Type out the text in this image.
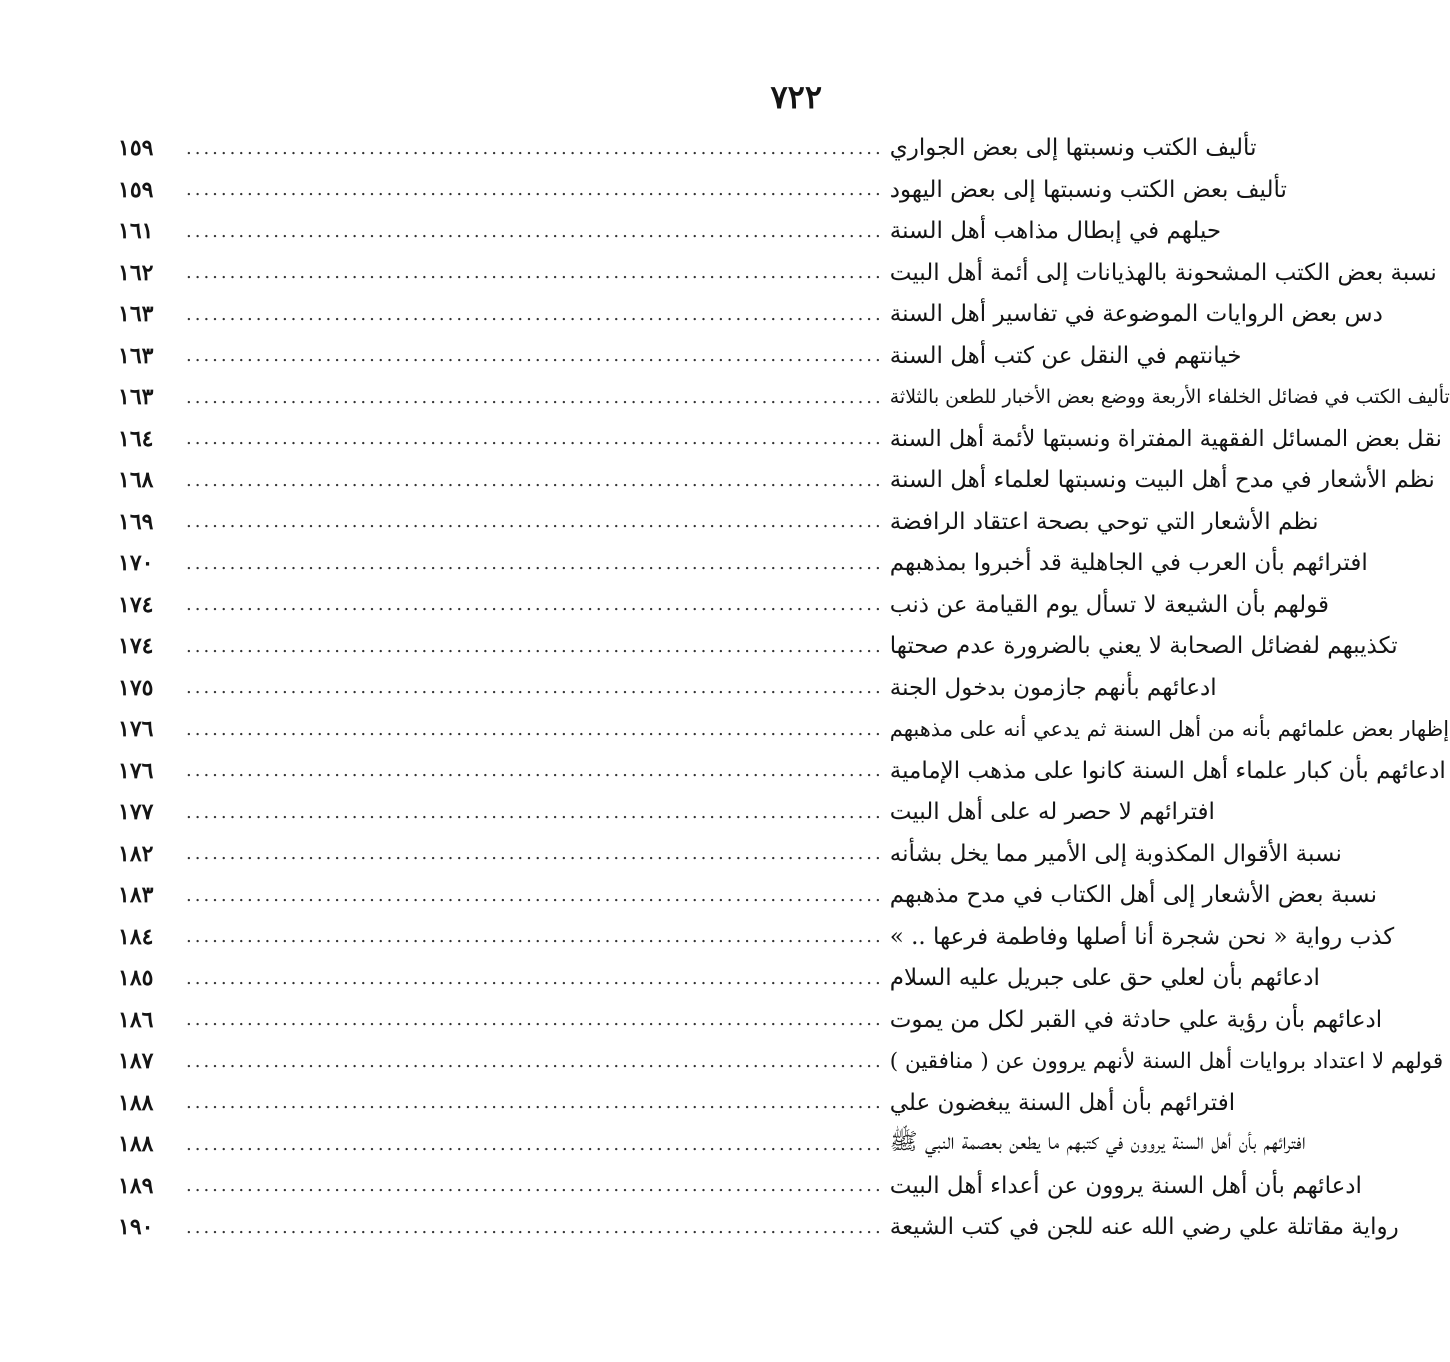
٧٢٢
١٥٩	................................................................................ تأليف الكتب ونسبتها إلى بعض الجواري
١٥٩	................................................................................ تأليف بعض الكتب ونسبتها إلى بعض اليهود
١٦١	................................................................................ حيلهم في إبطال مذاهب أهل السنة
١٦٢	................................................................................ نسبة بعض الكتب المشحونة بالهذيانات إلى أئمة أهل البيت
١٦٣	................................................................................ دس بعض الروايات الموضوعة في تفاسير أهل السنة
١٦٣	................................................................................ خيانتهم في النقل عن كتب أهل السنة
١٦٣	................................................................................ تأليف الكتب في فضائل الخلفاء الأربعة ووضع بعض الأخبار للطعن بالثلاثة
١٦٤	................................................................................ نقل بعض المسائل الفقهية المفتراة ونسبتها لأئمة أهل السنة
١٦٨	................................................................................ نظم الأشعار في مدح أهل البيت ونسبتها لعلماء أهل السنة
١٦٩	................................................................................ نظم الأشعار التي توحي بصحة اعتقاد الرافضة
١٧٠	................................................................................ افترائهم بأن العرب في الجاهلية قد أخبروا بمذهبهم
١٧٤	................................................................................ قولهم بأن الشيعة لا تسأل يوم القيامة عن ذنب
١٧٤	................................................................................ تكذيبهم لفضائل الصحابة لا يعني بالضرورة عدم صحتها
١٧٥	................................................................................ ادعائهم بأنهم جازمون بدخول الجنة
١٧٦	................................................................................ إظهار بعض علمائهم بأنه من أهل السنة ثم يدعي أنه على مذهبهم
١٧٦	................................................................................ ادعائهم بأن كبار علماء أهل السنة كانوا على مذهب الإمامية
١٧٧	................................................................................ افترائهم لا حصر له على أهل البيت
١٨٢	................................................................................ نسبة الأقوال المكذوبة إلى الأمير مما يخل بشأنه
١٨٣	................................................................................ نسبة بعض الأشعار إلى أهل الكتاب في مدح مذهبهم
١٨٤	................................................................................ كذب رواية « نحن شجرة أنا أصلها وفاطمة فرعها .. »
١٨٥	................................................................................ ادعائهم بأن لعلي حق على جبريل عليه السلام
١٨٦	................................................................................ ادعائهم بأن رؤية علي حادثة في القبر لكل من يموت
١٨٧	................................................................................ قولهم لا اعتداد بروايات أهل السنة لأنهم يروون عن ( منافقين )
١٨٨	................................................................................ افترائهم بأن أهل السنة يبغضون علي
١٨٨	................................................................................ افترائهم بأن أهل السنة يروون في كتبهم ما يطعن بعصمة النبي ﷺ
١٨٩	................................................................................ ادعائهم بأن أهل السنة يروون عن أعداء أهل البيت
١٩٠	................................................................................ رواية مقاتلة علي رضي الله عنه للجن في كتب الشيعة
